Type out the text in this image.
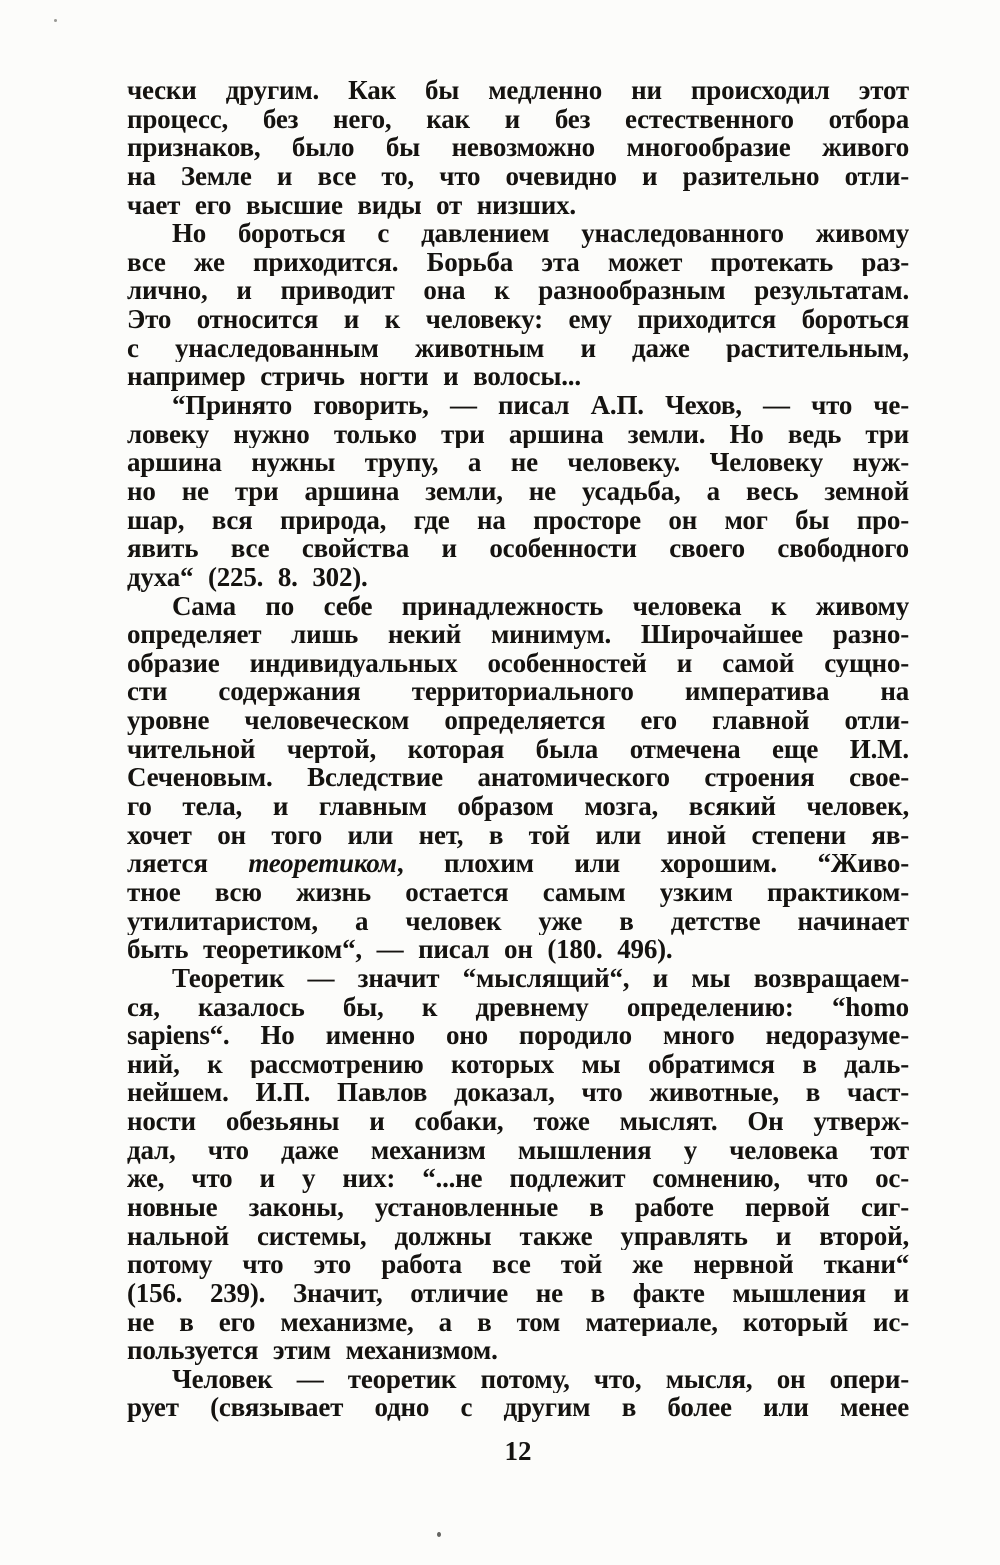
чески другим. Как бы медленно ни происходил этот
процесс, без него, как и без естественного отбора
признаков, было бы невозможно многообразие живого
на Земле и все то, что очевидно и разительно отли-
чает его высшие виды от низших.
Но бороться с давлением унаследованного живому
все же приходится. Борьба эта может протекать раз-
лично, и приводит она к разнообразным результатам.
Это относится и к человеку: ему приходится бороться
с унаследованным животным и даже растительным,
например стричь ногти и волосы...
“Принято говорить, — писал А.П. Чехов, — что че-
ловеку нужно только три аршина земли. Но ведь три
аршина нужны трупу, а не человеку. Человеку нуж-
но не три аршина земли, не усадьба, а весь земной
шар, вся природа, где на просторе он мог бы про-
явить все свойства и особенности своего свободного
духа“ (225. 8. 302).
Сама по себе принадлежность человека к живому
определяет лишь некий минимум. Широчайшее разно-
образие индивидуальных особенностей и самой сущно-
сти содержания территориального императива на
уровне человеческом определяется его главной отли-
чительной чертой, которая была отмечена еще И.М.
Сеченовым. Вследствие анатомического строения свое-
го тела, и главным образом мозга, всякий человек,
хочет он того или нет, в той или иной степени яв-
ляется теоретиком, плохим или хорошим. “Живо-
тное всю жизнь остается самым узким практиком-
утилитаристом, а человек уже в детстве начинает
быть теоретиком“, — писал он (180. 496).
Теоретик — значит “мыслящий“, и мы возвращаем-
ся, казалось бы, к древнему определению: “homo
sapiens“. Но именно оно породило много недоразуме-
ний, к рассмотрению которых мы обратимся в даль-
нейшем. И.П. Павлов доказал, что животные, в част-
ности обезьяны и собаки, тоже мыслят. Он утверж-
дал, что даже механизм мышления у человека тот
же, что и у них: “...не подлежит сомнению, что ос-
новные законы, установленные в работе первой сиг-
нальной системы, должны также управлять и второй,
потому что это работа все той же нервной ткани“
(156. 239). Значит, отличие не в факте мышления и
не в его механизме, а в том материале, который ис-
пользуется этим механизмом.
Человек — теоретик потому, что, мысля, он опери-
рует (связывает одно с другим в более или менее
12
